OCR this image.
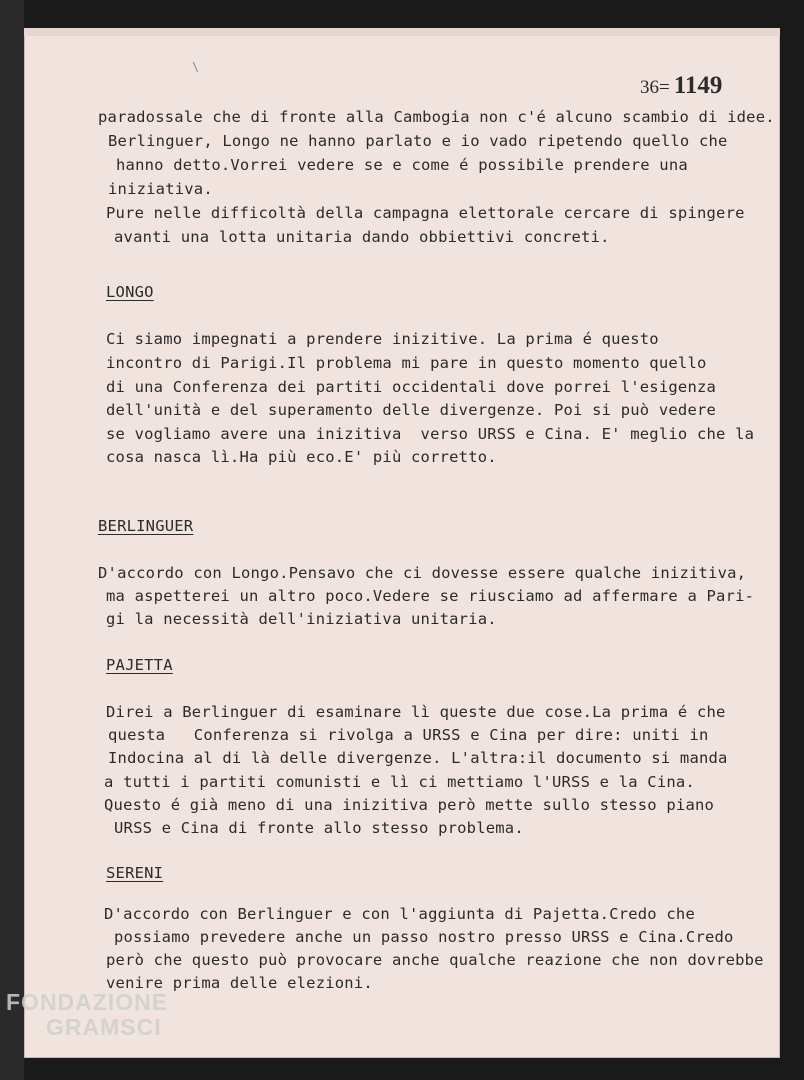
36= 1149
\
paradossale che di fronte alla Cambogia non c'é alcuno scambio di idee.
Berlinguer, Longo ne hanno parlato e io vado ripetendo quello che
hanno detto.Vorrei vedere se e come é possibile prendere una
iniziativa.
Pure nelle difficoltà della campagna elettorale cercare di spingere
avanti una lotta unitaria dando obbiettivi concreti.
LONGO
Ci siamo impegnati a prendere inizitive. La prima é questo
incontro di Parigi.Il problema mi pare in questo momento quello
di una Conferenza dei partiti occidentali dove porrei l'esigenza
dell'unità e del superamento delle divergenze. Poi si può vedere
se vogliamo avere una inizitiva  verso URSS e Cina. E' meglio che la
cosa nasca lì.Ha più eco.E' più corretto.
BERLINGUER
D'accordo con Longo.Pensavo che ci dovesse essere qualche inizitiva,
ma aspetterei un altro poco.Vedere se riusciamo ad affermare a Pari-
gi la necessità dell'iniziativa unitaria.
PAJETTA
Direi a Berlinguer di esaminare lì queste due cose.La prima é che
questa   Conferenza si rivolga a URSS e Cina per dire: uniti in
Indocina al di là delle divergenze. L'altra:il documento si manda
a tutti i partiti comunisti e lì ci mettiamo l'URSS e la Cina.
Questo é già meno di una inizitiva però mette sullo stesso piano
URSS e Cina di fronte allo stesso problema.
SERENI
D'accordo con Berlinguer e con l'aggiunta di Pajetta.Credo che
possiamo prevedere anche un passo nostro presso URSS e Cina.Credo
però che questo può provocare anche qualche reazione che non dovrebbe
venire prima delle elezioni.
FONDAZIONE
GRAMSCI
